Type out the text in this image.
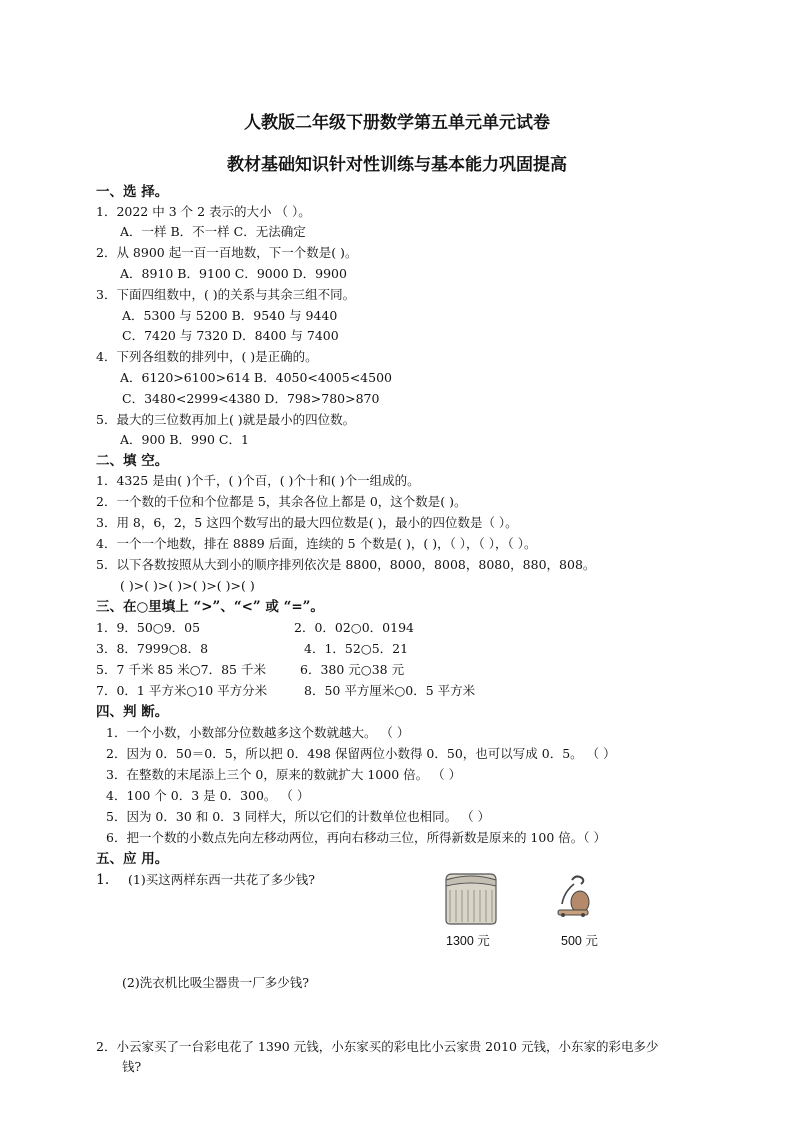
人教版二年级下册数学第五单元单元试卷
教材基础知识针对性训练与基本能力巩固提高
一、选 择。
1．2022 中 3 个 2 表示的大小 （ ）。
A．一样 B．不一样 C．无法确定
2．从 8900 起一百一百地数，下一个数是( )。
A．8910 B．9100 C．9000 D．9900
3．下面四组数中，( )的关系与其余三组不同。
A．5300 与 5200 B．9540 与 9440
C．7420 与 7320 D．8400 与 7400
4．下列各组数的排列中，( )是正确的。
A．6120>6100>614 B．4050<4005<4500
C．3480<2999<4380 D．798>780>870
5．最大的三位数再加上( )就是最小的四位数。
A．900 B．990 C．1
二、填 空。
1．4325 是由( )个千，( )个百，( )个十和( )个一组成的。
2．一个数的千位和个位都是 5，其余各位上都是 0，这个数是( )。
3．用 8，6，2，5 这四个数写出的最大四位数是( )，最小的四位数是（ ）。
4．一个一个地数，排在 8889 后面，连续的 5 个数是( )，( )，（ ），（ ），（ ）。
5．以下各数按照从大到小的顺序排列依次是 8800，8000，8008，8080，880，808。
( )>( )>( )>( )>( )>( )
三、在○里填上 “>”、“<” 或 “=”。
1．9．50○9．05	2．0．02○0．0194
3．8．7999○8．8	4．1．52○5．21
5．7 千米 85 米○7．85 千米	6．380 元○38 元
7．0．1 平方米○10 平方分米	8．50 平方厘米○0．5 平方米
四、判 断。
1．一个小数，小数部分位数越多这个数就越大。 （ ）
2．因为 0．50＝0．5，所以把 0．498 保留两位小数得 0．50，也可以写成 0．5。 （ ）
3．在整数的末尾添上三个 0，原来的数就扩大 1000 倍。 （ ）
4．100 个 0．3 是 0．300。 （ ）
5．因为 0．30 和 0．3 同样大，所以它们的计数单位也相同。 （ ）
6．把一个数的小数点先向左移动两位，再向右移动三位，所得新数是原来的 100 倍。（ ）
五、应 用。
1． (1)买这两样东西一共花了多少钱?
1300 元	500 元
(2)洗衣机比吸尘器贵一厂多少钱?
2．小云家买了一台彩电花了 1390 元钱，小东家买的彩电比小云家贵 2010 元钱，小东家的彩电多少
钱?
